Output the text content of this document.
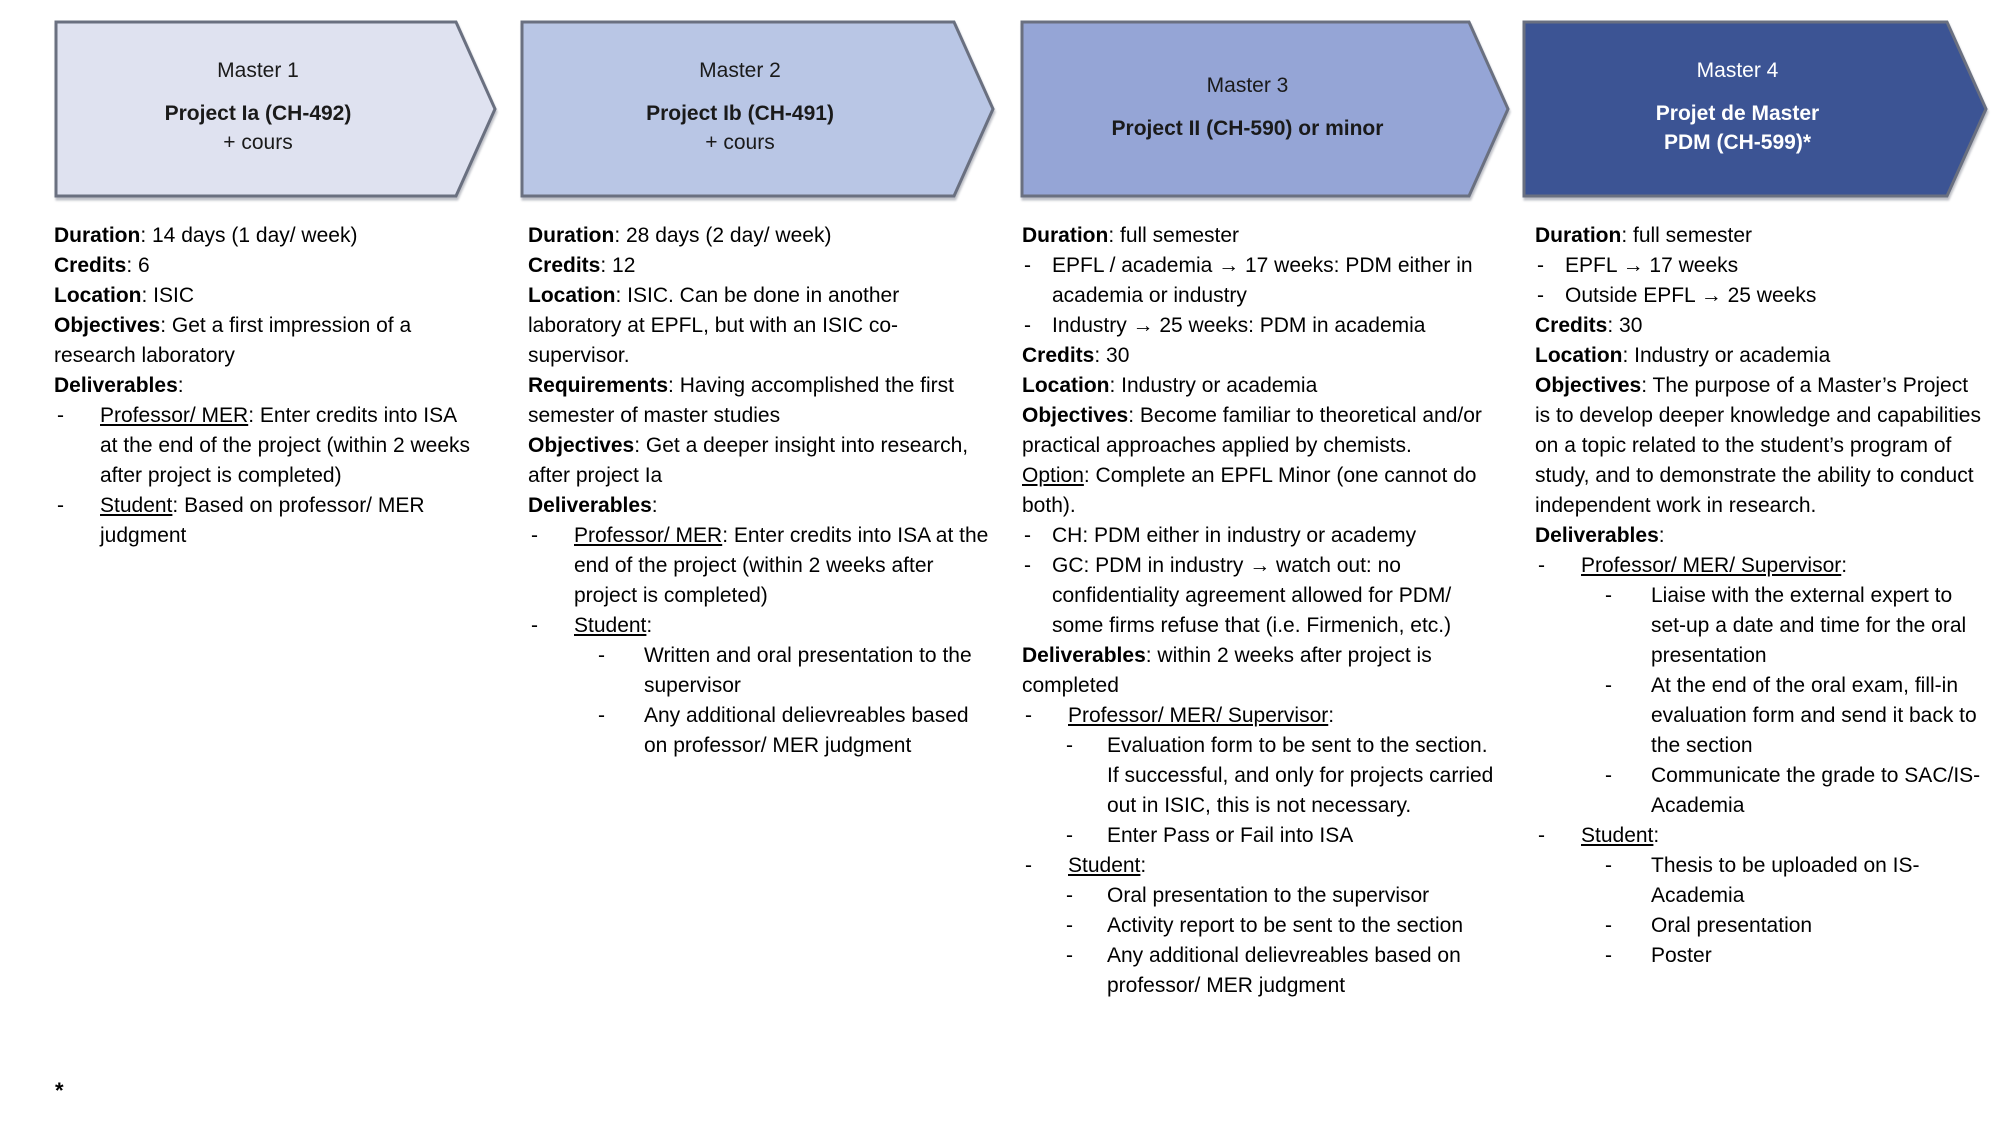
Master 1
Project Ia (CH-492)
+ cours
Duration: 14 days (1 day/ week)
Credits: 6
Location: ISIC
Objectives: Get a first impression of a research laboratory
Deliverables:
- Professor/ MER: Enter credits into ISA at the end of the project (within 2 weeks after project is completed)
- Student: Based on professor/ MER judgment
Master 2
Project Ib (CH-491)
+ cours
Duration: 28 days (2 day/ week)
Credits: 12
Location: ISIC. Can be done in another laboratory at EPFL, but with an ISIC co-supervisor.
Requirements: Having accomplished the first semester of master studies
Objectives: Get a deeper insight into research, after project Ia
Deliverables:
- Professor/ MER: Enter credits into ISA at the end of the project (within 2 weeks after project is completed)
- Student:
- Written and oral presentation to the supervisor
- Any additional delievreables based on professor/ MER judgment
Master 3
Project II (CH-590) or minor
Duration: full semester
- EPFL / academia → 17 weeks: PDM either in academia or industry
- Industry → 25 weeks: PDM in academia
Credits: 30
Location: Industry or academia
Objectives: Become familiar to theoretical and/or practical approaches applied by chemists.
Option: Complete an EPFL Minor (one cannot do both).
- CH: PDM either in industry or academy
- GC: PDM in industry → watch out: no confidentiality agreement allowed for PDM/ some firms refuse that (i.e. Firmenich, etc.)
Deliverables: within 2 weeks after project is completed
- Professor/ MER/ Supervisor:
- Evaluation form to be sent to the section. If successful, and only for projects carried out in ISIC, this is not necessary.
- Enter Pass or Fail into ISA
- Student:
- Oral presentation to the supervisor
- Activity report to be sent to the section
- Any additional delievreables based on professor/ MER judgment
Master 4
Projet de Master
PDM (CH-599)*
Duration: full semester
- EPFL → 17 weeks
- Outside EPFL → 25 weeks
Credits: 30
Location: Industry or academia
Objectives: The purpose of a Master’s Project is to develop deeper knowledge and capabilities on a topic related to the student’s program of study, and to demonstrate the ability to conduct independent work in research.
Deliverables:
- Professor/ MER/ Supervisor:
- Liaise with the external expert to set-up a date and time for the oral presentation
- At the end of the oral exam, fill-in evaluation form and send it back to the section
- Communicate the grade to SAC/IS-Academia
- Student:
- Thesis to be uploaded on IS-Academia
- Oral presentation
- Poster
*
